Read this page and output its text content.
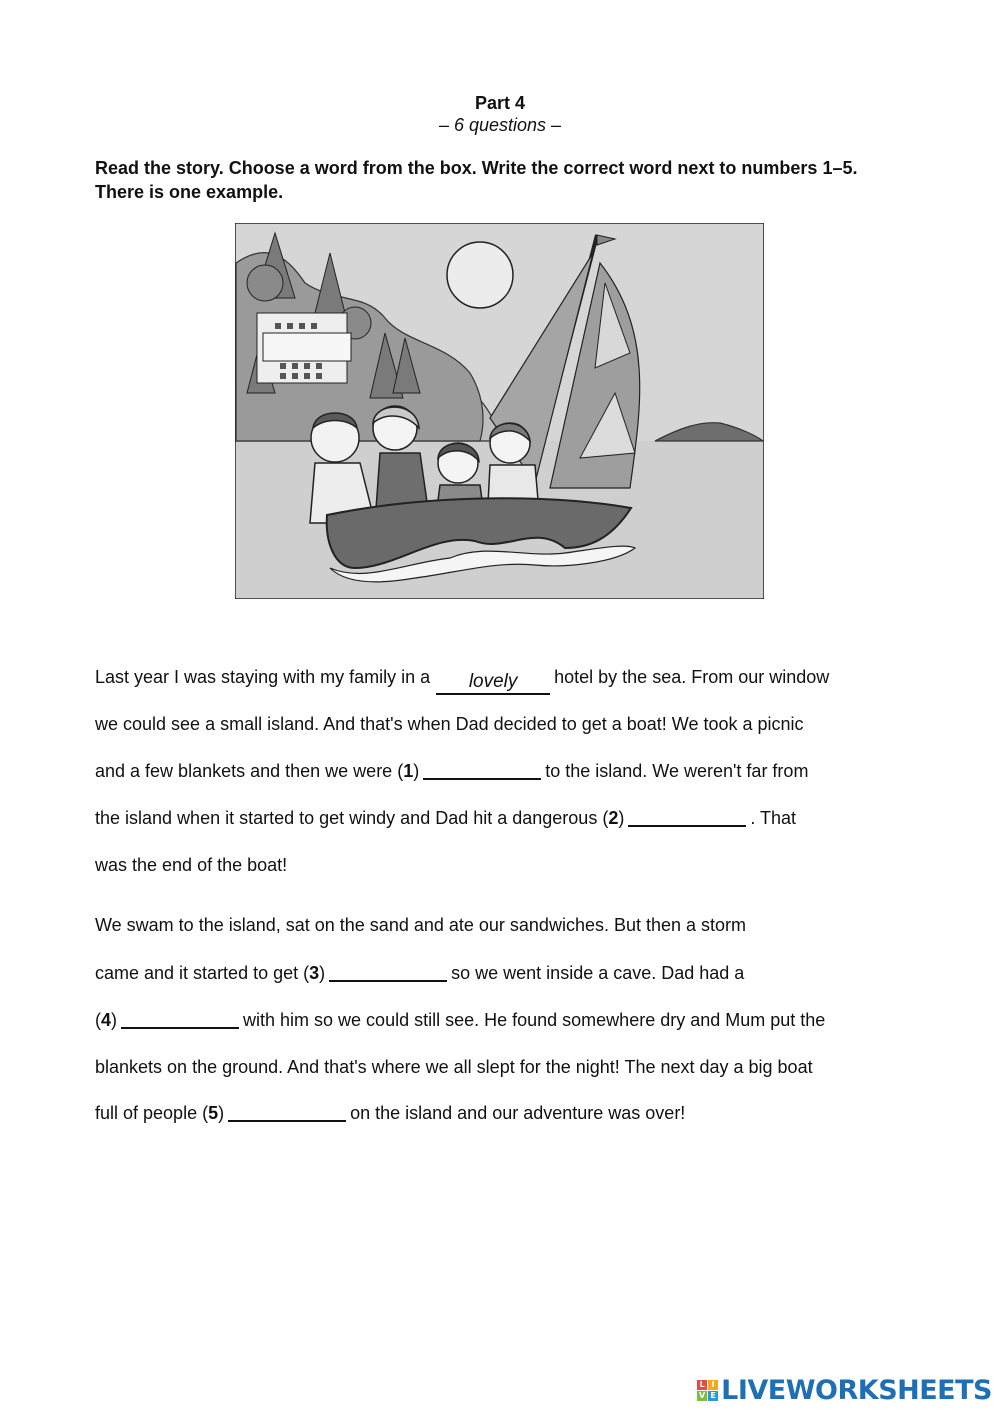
Part 4
– 6 questions –
Read the story. Choose a word from the box. Write the correct word next to numbers 1–5. There is one example.
Last year I was staying with my family in a lovely hotel by the sea. From our window
we could see a small island. And that's when Dad decided to get a boat! We took a picnic
and a few blankets and then we were (1)	to the island. We weren't far from
the island when it started to get windy and Dad hit a dangerous (2)	. That
was the end of the boat!
We swam to the island, sat on the sand and ate our sandwiches. But then a storm
came and it started to get (3)	so we went inside a cave. Dad had a
(4)	with him so we could still see. He found somewhere dry and Mum put the
blankets on the ground. And that's where we all slept for the night! The next day a big boat
full of people (5)	on the island and our adventure was over!
L I
V E LIVEWORKSHEETS
